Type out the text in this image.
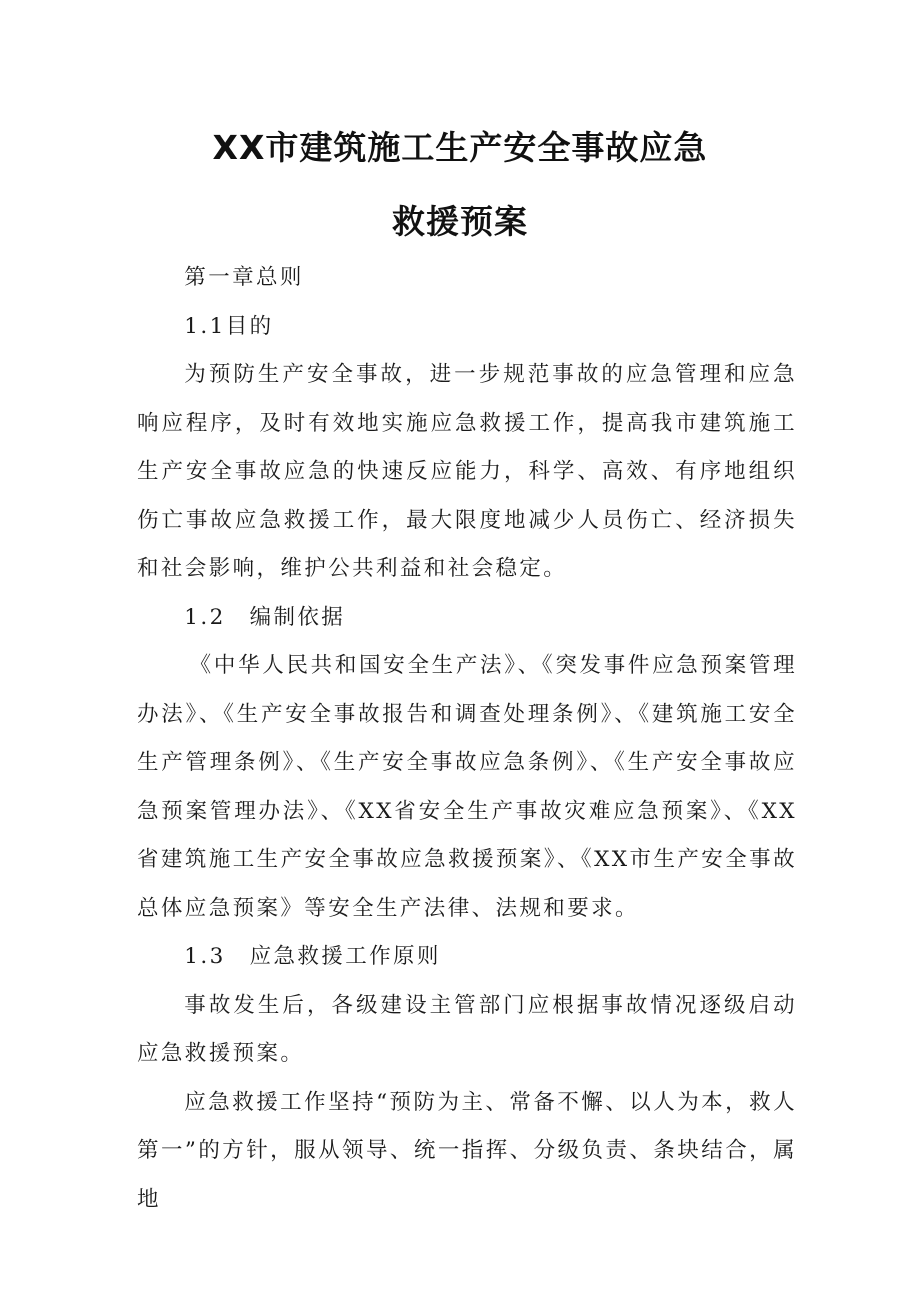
XX市建筑施工生产安全事故应急
救援预案

第一章总则

1.1目的

为预防生产安全事故，进一步规范事故的应急管理和应急响应程序，及时有效地实施应急救援工作，提高我市建筑施工生产安全事故应急的快速反应能力，科学、高效、有序地组织伤亡事故应急救援工作，最大限度地减少人员伤亡、经济损失和社会影响，维护公共利益和社会稳定。

1.2　编制依据

《中华人民共和国安全生产法》、《突发事件应急预案管理办法》、《生产安全事故报告和调查处理条例》、《建筑施工安全生产管理条例》、《生产安全事故应急条例》、《生产安全事故应急预案管理办法》、《XX省安全生产事故灾难应急预案》、《XX省建筑施工生产安全事故应急救援预案》、《XX市生产安全事故总体应急预案》等安全生产法律、法规和要求。

1.3　应急救援工作原则

事故发生后，各级建设主管部门应根据事故情况逐级启动应急救援预案。

应急救援工作坚持“预防为主、常备不懈、以人为本，救人第一”的方针，服从领导、统一指挥、分级负责、条块结合，属地
